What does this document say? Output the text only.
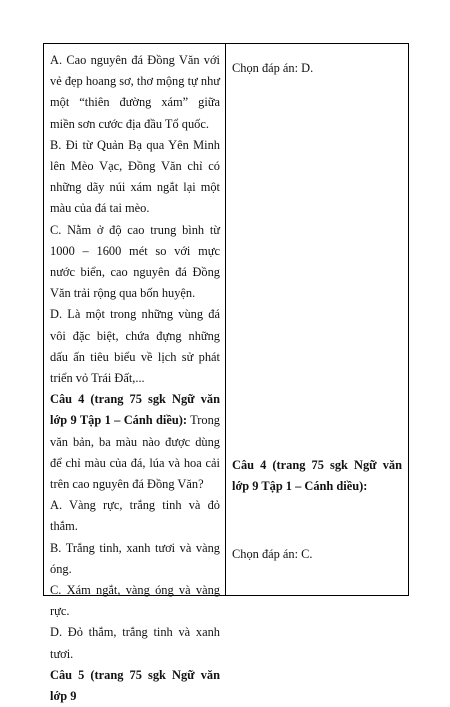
A. Cao nguyên đá Đồng Văn với vẻ đẹp hoang sơ, thơ mộng tự như một “thiên đường xám” giữa miền sơn cước địa đầu Tổ quốc.

B. Đi từ Quản Bạ qua Yên Minh lên Mèo Vạc, Đồng Văn chỉ có những dãy núi xám ngắt lại một màu của đá tai mèo.

C. Nằm ở độ cao trung bình từ 1000 – 1600 mét so với mực nước biển, cao nguyên đá Đồng Văn trải rộng qua bốn huyện.

D. Là một trong những vùng đá vôi đặc biệt, chứa đựng những dấu ấn tiêu biểu về lịch sử phát triển vỏ Trái Đất,...

Câu 4 (trang 75 sgk Ngữ văn lớp 9 Tập 1 – Cánh diều): Trong văn bản, ba màu nào được dùng để chỉ màu của đá, lúa và hoa cải trên cao nguyên đá Đồng Văn?

A. Vàng rực, trắng tinh và đỏ thắm.

B. Trắng tinh, xanh tươi và vàng óng.

C. Xám ngắt, vàng óng và vàng rực.

D. Đỏ thắm, trắng tinh và xanh tươi.

Câu 5 (trang 75 sgk Ngữ văn lớp 9

Chọn đáp án: D.

Câu 4 (trang 75 sgk Ngữ văn lớp 9 Tập 1 – Cánh diều):

Chọn đáp án: C.
